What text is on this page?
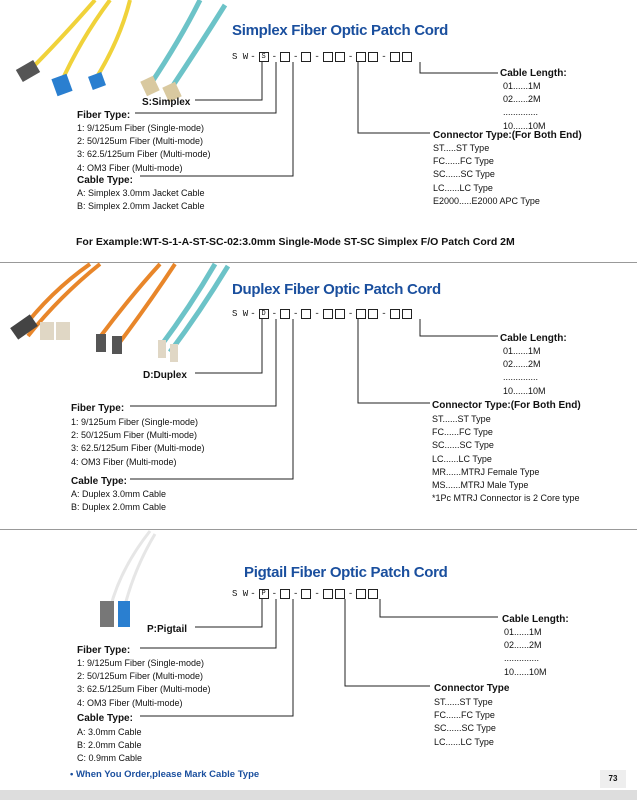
Simplex Fiber Optic Patch Cord
S W - S - - -	-	-
Cable Length:
01......1M
02......2M
..............
10......10M
S:Simplex
Fiber Type:
1: 9/125um Fiber (Single-mode)
2: 50/125um Fiber (Multi-mode)
3: 62.5/125um Fiber (Multi-mode)
4: OM3 Fiber (Multi-mode)
Cable Type:
A: Simplex 3.0mm Jacket Cable
B: Simplex 2.0mm Jacket Cable
Connector Type:(For Both End)
ST.....ST Type
FC......FC Type
SC......SC Type
LC......LC Type
E2000.....E2000 APC Type
For Example:WT-S-1-A-ST-SC-02:3.0mm Single-Mode ST-SC Simplex F/O Patch Cord 2M
Duplex Fiber Optic Patch Cord
S W - D - - -	-	-
Cable Length:
01......1M
02......2M
..............
10......10M
D:Duplex
Fiber Type:
1: 9/125um Fiber (Single-mode)
2: 50/125um Fiber (Multi-mode)
3: 62.5/125um Fiber (Multi-mode)
4: OM3 Fiber (Multi-mode)
Cable Type:
A: Duplex 3.0mm Cable
B: Duplex 2.0mm Cable
Connector Type:(For Both End)
ST......ST Type
FC......FC Type
SC......SC Type
LC......LC Type
MR......MTRJ Female Type
MS......MTRJ Male Type
*1Pc MTRJ Connector is 2 Core type
Pigtail Fiber Optic Patch Cord
S W - P - - -	-
Cable Length:
01......1M
02......2M
..............
10......10M
P:Pigtail
Fiber Type:
1: 9/125um Fiber (Single-mode)
2: 50/125um Fiber (Multi-mode)
3: 62.5/125um Fiber (Multi-mode)
4: OM3 Fiber (Multi-mode)
Cable Type:
A: 3.0mm Cable
B: 2.0mm Cable
C: 0.9mm Cable
Connector Type
ST......ST Type
FC......FC Type
SC......SC Type
LC......LC Type
• When You Order,please Mark Cable Type	73
